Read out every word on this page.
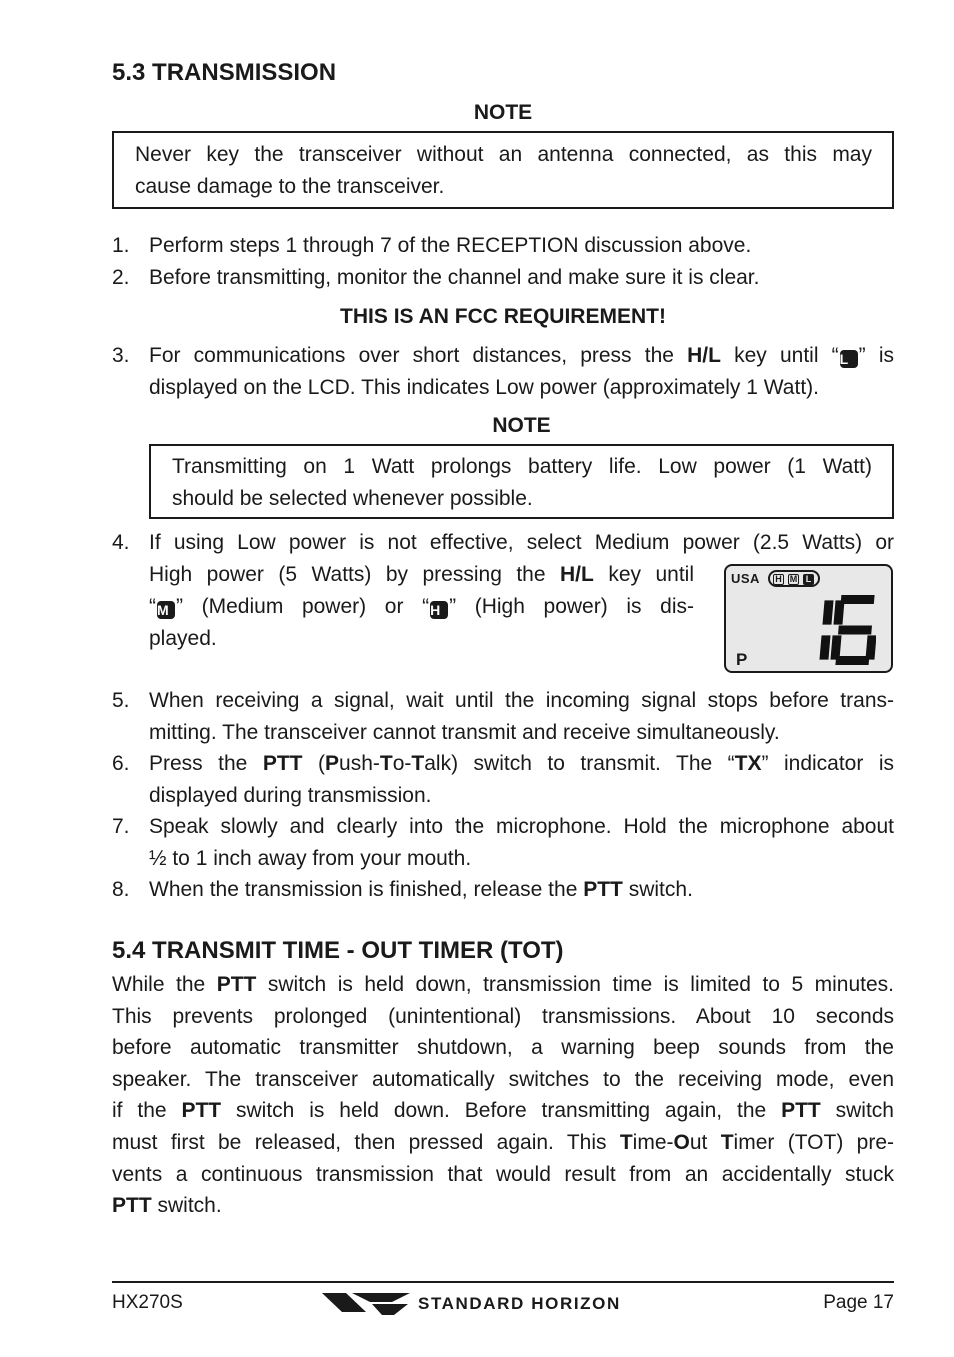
5.3 TRANSMISSION
NOTE
Never key the transceiver without an antenna connected, as this may
cause damage to the transceiver.
1. Perform steps 1 through 7 of the RECEPTION discussion above.
2. Before transmitting, monitor the channel and make sure it is clear.
THIS IS AN FCC REQUIREMENT!
3. For communications over short distances, press the H/L key until “L ” is
displayed on the LCD. This indicates Low power (approximately 1 Watt).
NOTE
Transmitting on 1 Watt prolongs battery life. Low power (1 Watt)
should be selected whenever possible.
4. If using Low power is not effective, select Medium power (2.5 Watts) or
High power (5 Watts) by pressing the H/L key until
“M ” (Medium power) or “H ” (High power) is dis-
played.
USA H M L
P
5. When receiving a signal, wait until the incoming signal stops before trans-
mitting. The transceiver cannot transmit and receive simultaneously.
6. Press the PTT (Push-To-Talk) switch to transmit. The “TX” indicator is
displayed during transmission.
7. Speak slowly and clearly into the microphone. Hold the microphone about
½ to 1 inch away from your mouth.
8. When the transmission is finished, release the PTT switch.
5.4 TRANSMIT TIME - OUT TIMER (TOT)
While the PTT switch is held down, transmission time is limited to 5 minutes.
This prevents prolonged (unintentional) transmissions. About 10 seconds
before automatic transmitter shutdown, a warning beep sounds from the
speaker. The transceiver automatically switches to the receiving mode, even
if the PTT switch is held down. Before transmitting again, the PTT switch
must first be released, then pressed again. This Time-Out Timer (TOT) pre-
vents a continuous transmission that would result from an accidentally stuck
PTT switch.
HX270S	STANDARD HORIZON	Page 17
